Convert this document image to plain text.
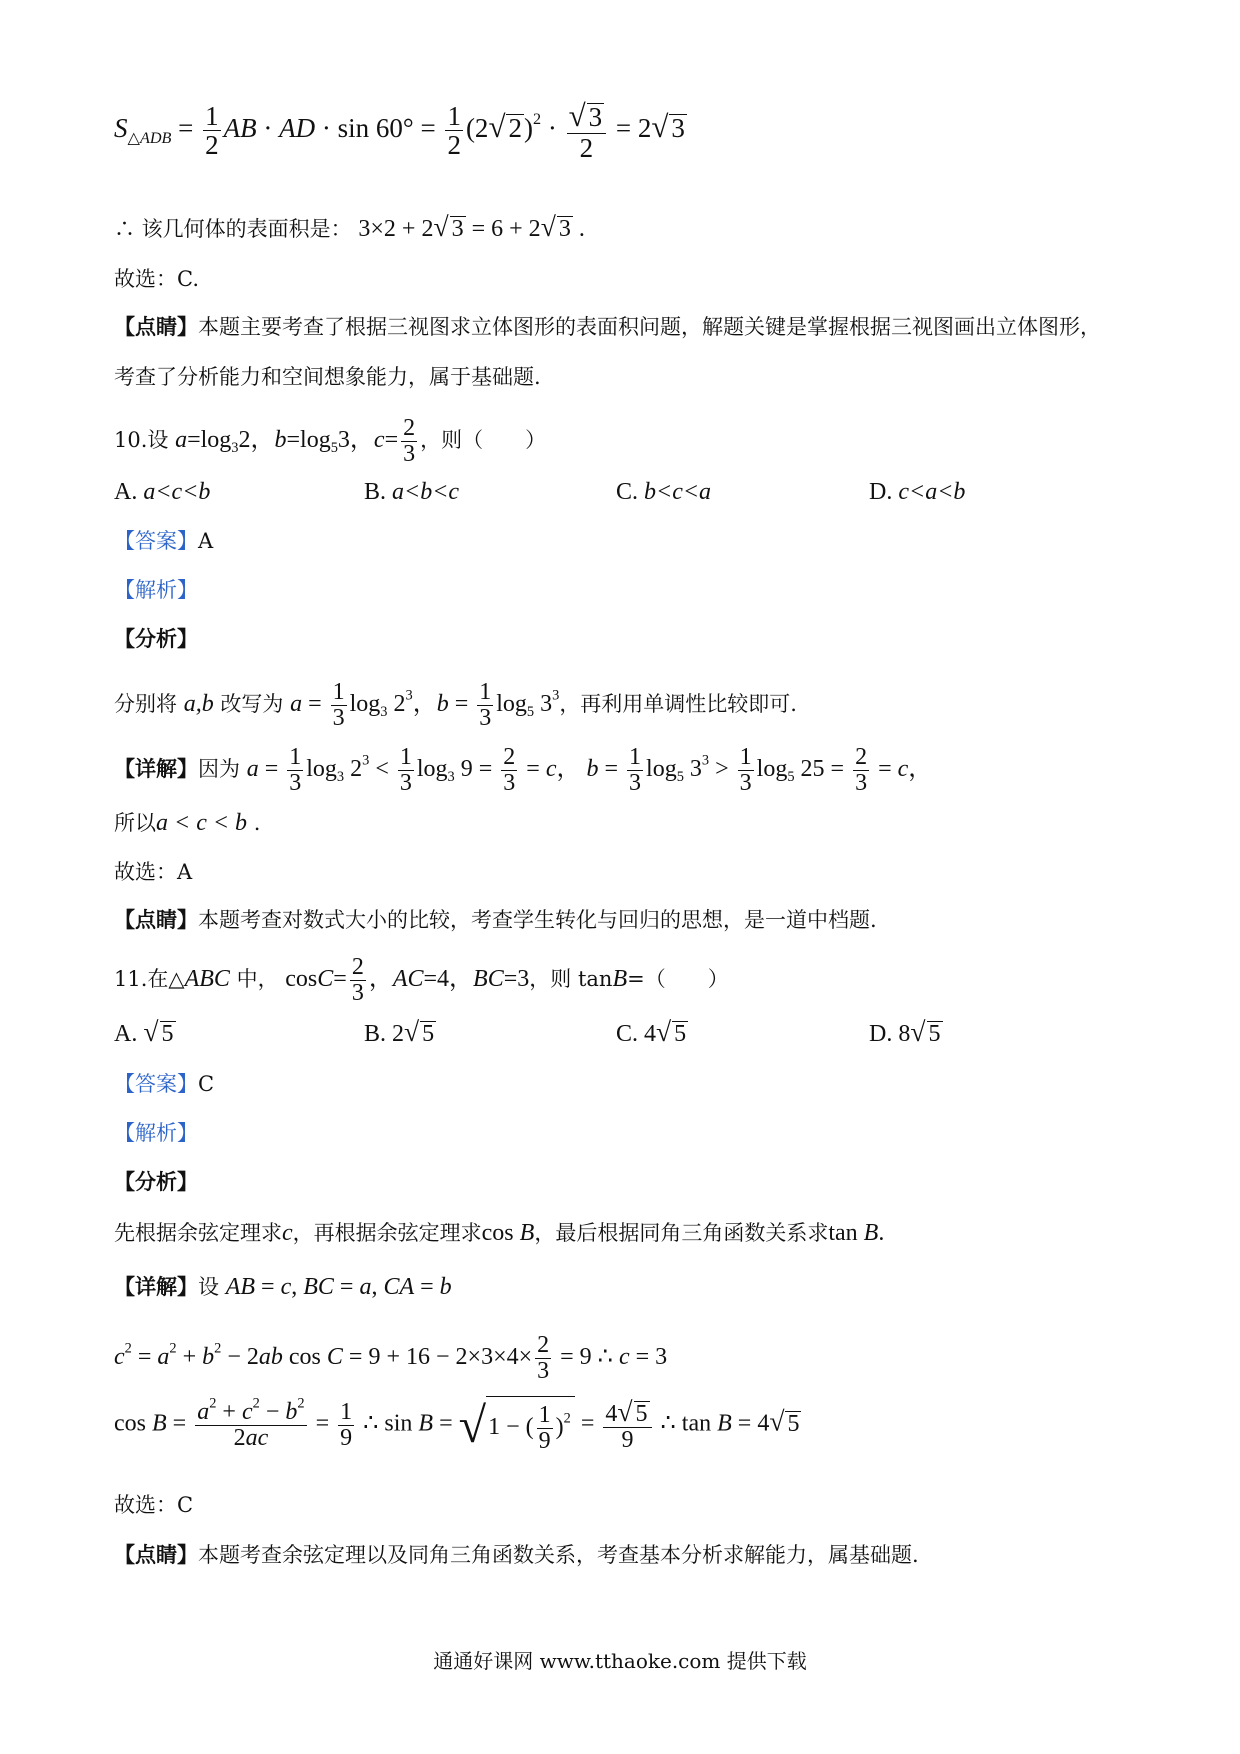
$S_{\triangle ADB} = \frac{1}{2}$ AB · AD · $\sin 60^\circ = \frac{1}{2} (2√$ $2)^2 \cdot \frac{√ 3}{2} = 2√$ 3
∴ 该几何体的表面积是： 3×2 + 2√ 3 = 6 + 2√ 3 .
故选：C.
【点睛】本题主要考查了根据三视图求立体图形的表面积问题，解题关键是掌握根据三视图画出立体图形，
考查了分析能力和空间想象能力，属于基础题.
10.设 $a=\log_32$，$b=\log_53$，$c= \frac{2}{3}$ ，则（　　）
A. a<c<b	B. a<b<c	C. b<c<a	D. c<a<b
【答案】A
【解析】
【分析】
分别将 a,b 改写为 $a = \frac{1}{3} \log_3 2^3$，$b = \frac{1}{3} \log_5 3^3$，再利用单调性比较即可.
【详解】因为 $a = \frac{1}{3} \log_3 2^3 < \frac{1}{3} \log_3 9 = \frac{2}{3} = c$， $b = \frac{1}{3} \log_5 3^3 > \frac{1}{3} \log_5 25 = \frac{2}{3} = c$，
所以a < c < b .
故选：A
【点睛】本题考查对数式大小的比较，考查学生转化与回归的思想，是一道中档题.
11.在△ABC 中， $\cos C= \frac{2}{3}$ ，AC=4，BC=3，则 tanB=（　　）
A. √ 5	B. 2√ 5	C. 4√ 5	D. 8√ 5
【答案】C
【解析】
【分析】
先根据余弦定理求c，再根据余弦定理求cos B，最后根据同角三角函数关系求tan B.
【详解】设 AB = c, BC = a, CA = b
$c^2 = a^2 + b^2 - 2ab$ $\cos C = 9 + 16 - 2\times 3\times 4\times \frac{2}{3} = 9$ ∴ c = 3
$\cos B = \frac{a^2 + c^2 - b^2}{2ac} = \frac{1}{9}$ ∴ sin B = √1 − ( $\frac{1}{9} )^2 = \frac{4√ 5}{9}$ ∴ tan B = 4√ 5
故选：C
【点睛】本题考查余弦定理以及同角三角函数关系，考查基本分析求解能力，属基础题.
通通好课网 www.tthaoke.com 提供下载
